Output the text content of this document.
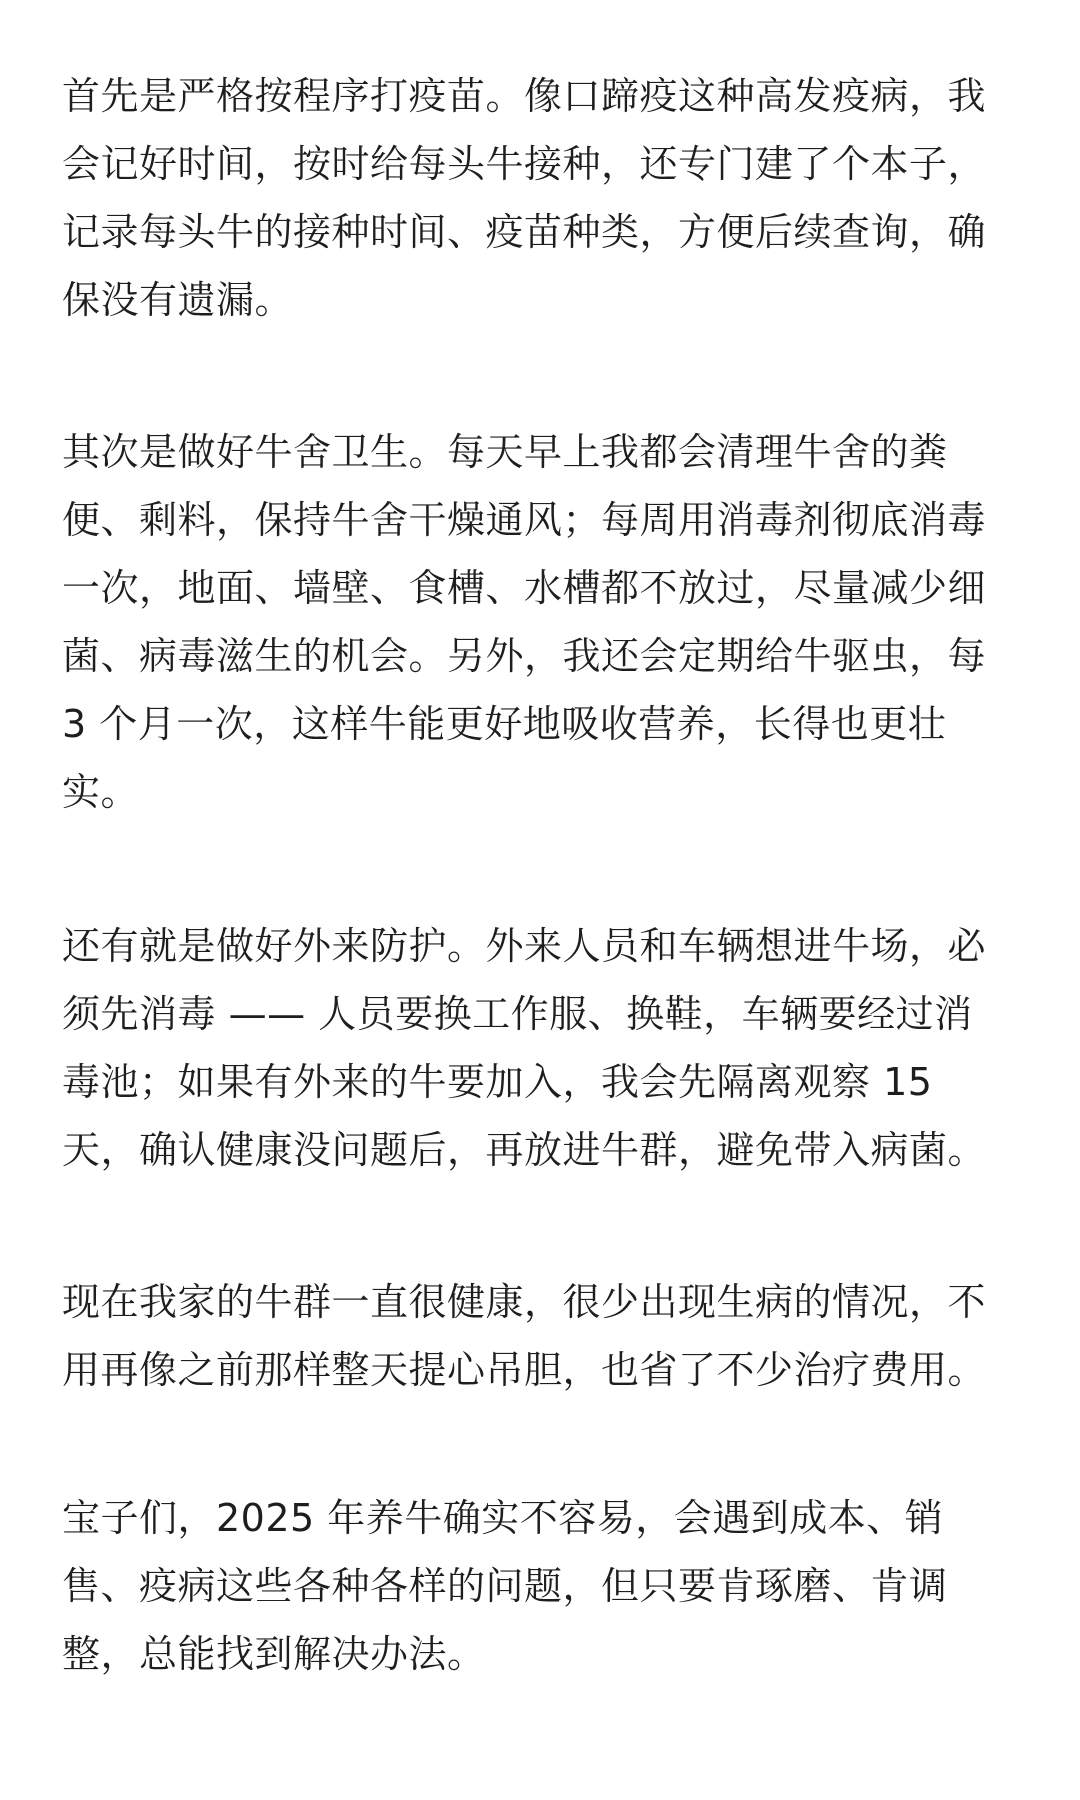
首先是严格按程序打疫苗。像口蹄疫这种高发疫病，我
会记好时间，按时给每头牛接种，还专门建了个本子，
记录每头牛的接种时间、疫苗种类，方便后续查询，确
保没有遗漏。

其次是做好牛舍卫生。每天早上我都会清理牛舍的粪
便、剩料，保持牛舍干燥通风；每周用消毒剂彻底消毒
一次，地面、墙壁、食槽、水槽都不放过，尽量减少细
菌、病毒滋生的机会。另外，我还会定期给牛驱虫，每
3 个月一次，这样牛能更好地吸收营养，长得也更壮
实。

还有就是做好外来防护。外来人员和车辆想进牛场，必
须先消毒 —— 人员要换工作服、换鞋，车辆要经过消
毒池；如果有外来的牛要加入，我会先隔离观察 15
天，确认健康没问题后，再放进牛群，避免带入病菌。

现在我家的牛群一直很健康，很少出现生病的情况，不
用再像之前那样整天提心吊胆，也省了不少治疗费用。

宝子们，2025 年养牛确实不容易，会遇到成本、销
售、疫病这些各种各样的问题，但只要肯琢磨、肯调
整，总能找到解决办法。
